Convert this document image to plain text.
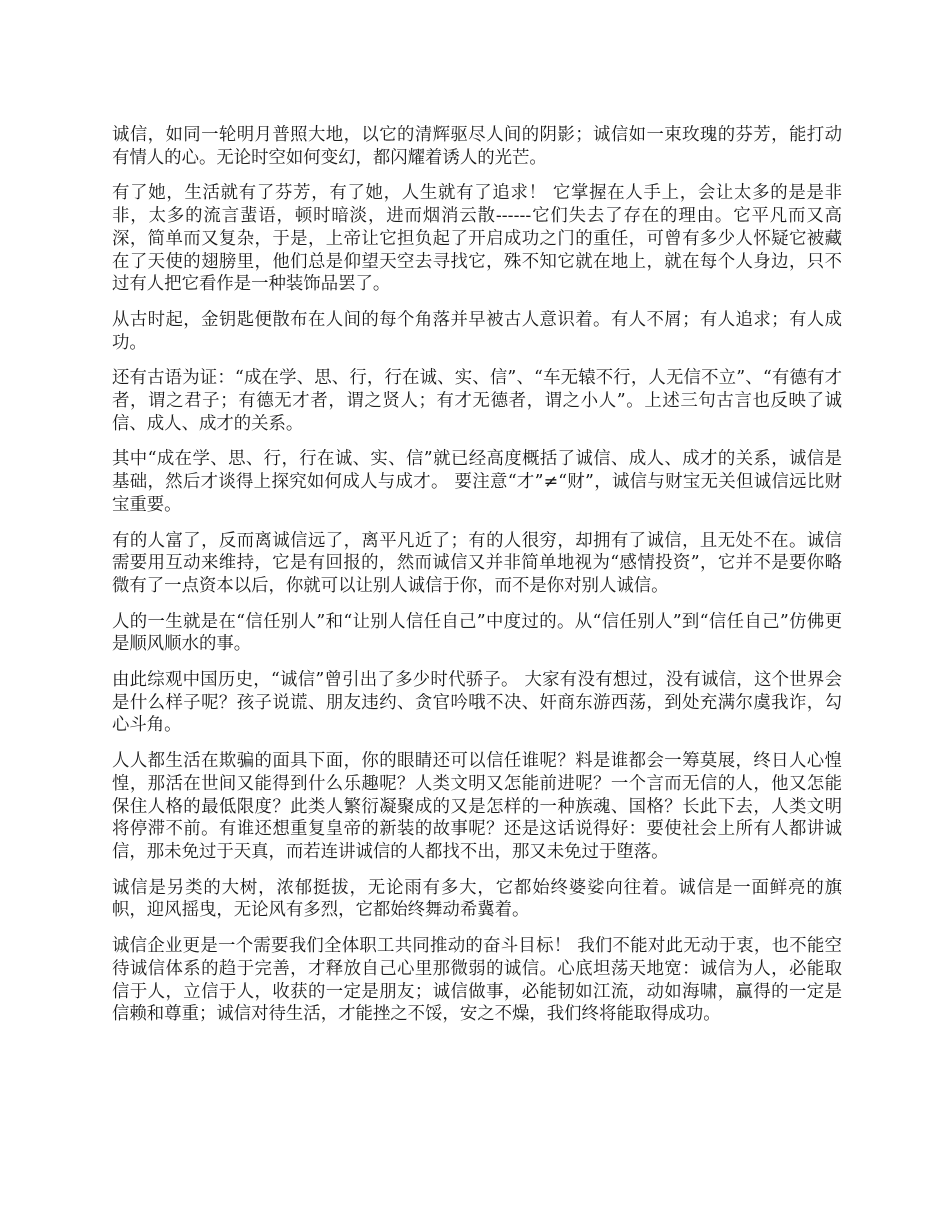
诚信，如同一轮明月普照大地，以它的清辉驱尽人间的阴影；诚信如一束玫瑰的芬芳，能打动有情人的心。无论时空如何变幻，都闪耀着诱人的光芒。

有了她，生活就有了芬芳，有了她，人生就有了追求！ 它掌握在人手上，会让太多的是是非非，太多的流言蜚语，顿时暗淡，进而烟消云散------它们失去了存在的理由。它平凡而又高深，简单而又复杂，于是，上帝让它担负起了开启成功之门的重任，可曾有多少人怀疑它被藏在了天使的翅膀里，他们总是仰望天空去寻找它，殊不知它就在地上，就在每个人身边，只不过有人把它看作是一种装饰品罢了。

从古时起，金钥匙便散布在人间的每个角落并早被古人意识着。有人不屑；有人追求；有人成功。

还有古语为证：“成在学、思、行，行在诚、实、信”、“车无辕不行，人无信不立”、“有德有才者，谓之君子；有德无才者，谓之贤人；有才无德者，谓之小人”。上述三句古言也反映了诚信、成人、成才的关系。

其中“成在学、思、行，行在诚、实、信”就已经高度概括了诚信、成人、成才的关系，诚信是基础，然后才谈得上探究如何成人与成才。 要注意“才”≠“财”，诚信与财宝无关但诚信远比财宝重要。

有的人富了，反而离诚信远了，离平凡近了；有的人很穷，却拥有了诚信，且无处不在。诚信需要用互动来维持，它是有回报的，然而诚信又并非简单地视为“感情投资”，它并不是要你略微有了一点资本以后，你就可以让别人诚信于你，而不是你对别人诚信。

人的一生就是在“信任别人”和“让别人信任自己”中度过的。从“信任别人”到“信任自己”仿佛更是顺风顺水的事。

由此综观中国历史，“诚信”曾引出了多少时代骄子。 大家有没有想过，没有诚信，这个世界会是什么样子呢？孩子说谎、朋友违约、贪官吟哦不决、奸商东游西荡，到处充满尔虞我诈，勾心斗角。

人人都生活在欺骗的面具下面，你的眼睛还可以信任谁呢？料是谁都会一筹莫展，终日人心惶惶，那活在世间又能得到什么乐趣呢？人类文明又怎能前进呢？一个言而无信的人，他又怎能保住人格的最低限度？此类人繁衍凝聚成的又是怎样的一种族魂、国格？长此下去，人类文明将停滞不前。有谁还想重复皇帝的新装的故事呢？还是这话说得好：要使社会上所有人都讲诚信，那未免过于天真，而若连讲诚信的人都找不出，那又未免过于堕落。

诚信是另类的大树，浓郁挺拔，无论雨有多大，它都始终婆娑向往着。诚信是一面鲜亮的旗帜，迎风摇曳，无论风有多烈，它都始终舞动希冀着。

诚信企业更是一个需要我们全体职工共同推动的奋斗目标！ 我们不能对此无动于衷，也不能空待诚信体系的趋于完善，才释放自己心里那微弱的诚信。心底坦荡天地宽：诚信为人，必能取信于人，立信于人，收获的一定是朋友；诚信做事，必能韧如江流，动如海啸，赢得的一定是信赖和尊重；诚信对待生活，才能挫之不馁，安之不燥，我们终将能取得成功。
